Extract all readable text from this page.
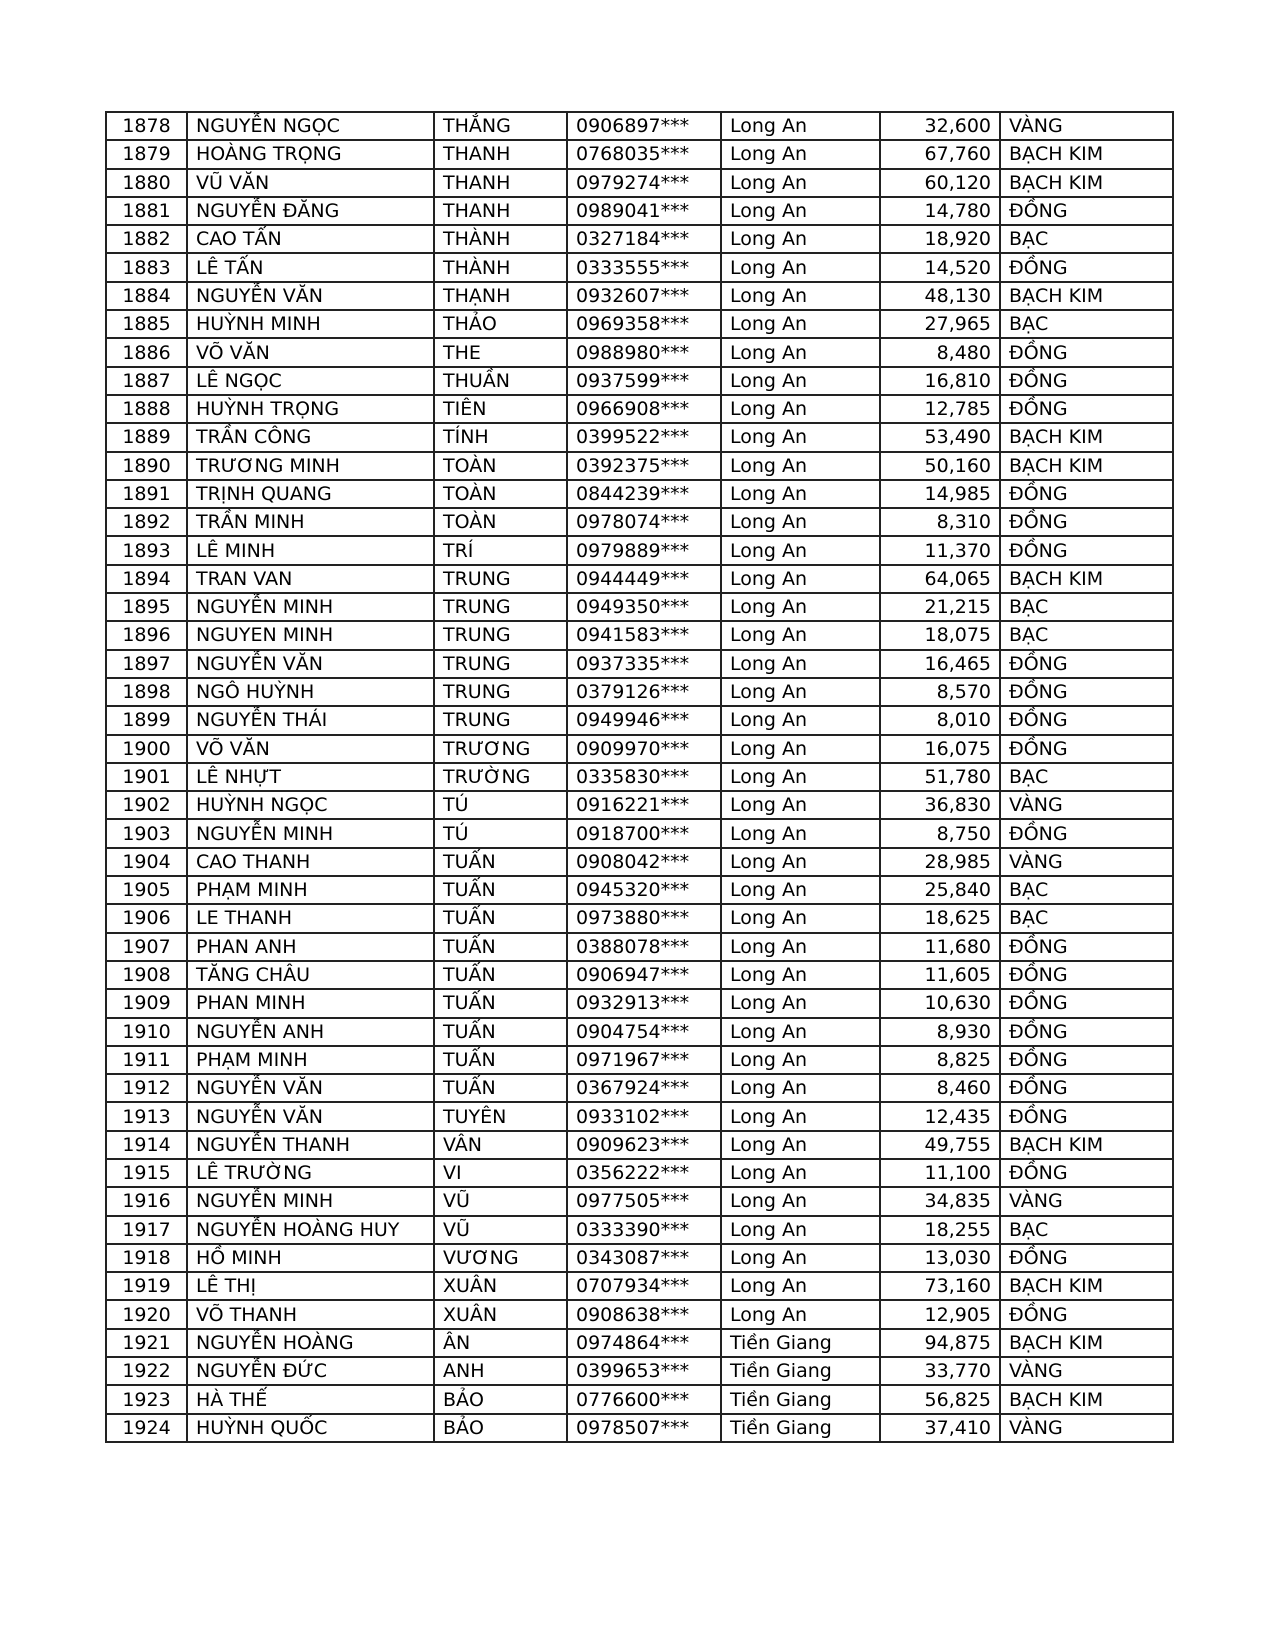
1878	NGUYỄN NGỌC	THẮNG	0906897***	Long An	32,600	VÀNG
1879	HOÀNG TRỌNG	THANH	0768035***	Long An	67,760	BẠCH KIM
1880	VŨ VĂN	THANH	0979274***	Long An	60,120	BẠCH KIM
1881	NGUYỄN ĐĂNG	THANH	0989041***	Long An	14,780	ĐỒNG
1882	CAO TẤN	THÀNH	0327184***	Long An	18,920	BẠC
1883	LÊ TẤN	THÀNH	0333555***	Long An	14,520	ĐỒNG
1884	NGUYỄN VĂN	THẠNH	0932607***	Long An	48,130	BẠCH KIM
1885	HUỲNH MINH	THẢO	0969358***	Long An	27,965	BẠC
1886	VÕ VĂN	THE	0988980***	Long An	8,480	ĐỒNG
1887	LÊ NGỌC	THUẦN	0937599***	Long An	16,810	ĐỒNG
1888	HUỲNH TRỌNG	TIÊN	0966908***	Long An	12,785	ĐỒNG
1889	TRẦN CÔNG	TÍNH	0399522***	Long An	53,490	BẠCH KIM
1890	TRƯƠNG MINH	TOÀN	0392375***	Long An	50,160	BẠCH KIM
1891	TRỊNH QUANG	TOÀN	0844239***	Long An	14,985	ĐỒNG
1892	TRẦN MINH	TOÀN	0978074***	Long An	8,310	ĐỒNG
1893	LÊ MINH	TRÍ	0979889***	Long An	11,370	ĐỒNG
1894	TRAN VAN	TRUNG	0944449***	Long An	64,065	BẠCH KIM
1895	NGUYỄN MINH	TRUNG	0949350***	Long An	21,215	BẠC
1896	NGUYEN MINH	TRUNG	0941583***	Long An	18,075	BẠC
1897	NGUYỄN VĂN	TRUNG	0937335***	Long An	16,465	ĐỒNG
1898	NGÔ HUỲNH	TRUNG	0379126***	Long An	8,570	ĐỒNG
1899	NGUYỄN THÁI	TRUNG	0949946***	Long An	8,010	ĐỒNG
1900	VÕ VĂN	TRƯƠNG	0909970***	Long An	16,075	ĐỒNG
1901	LÊ NHỰT	TRƯỜNG	0335830***	Long An	51,780	BẠC
1902	HUỲNH NGỌC	TÚ	0916221***	Long An	36,830	VÀNG
1903	NGUYỄN MINH	TÚ	0918700***	Long An	8,750	ĐỒNG
1904	CAO THANH	TUẤN	0908042***	Long An	28,985	VÀNG
1905	PHẠM MINH	TUẤN	0945320***	Long An	25,840	BẠC
1906	LE THANH	TUẤN	0973880***	Long An	18,625	BẠC
1907	PHAN ANH	TUẤN	0388078***	Long An	11,680	ĐỒNG
1908	TĂNG CHÂU	TUẤN	0906947***	Long An	11,605	ĐỒNG
1909	PHAN MINH	TUẤN	0932913***	Long An	10,630	ĐỒNG
1910	NGUYỄN ANH	TUẤN	0904754***	Long An	8,930	ĐỒNG
1911	PHẠM MINH	TUẤN	0971967***	Long An	8,825	ĐỒNG
1912	NGUYỄN VĂN	TUẤN	0367924***	Long An	8,460	ĐỒNG
1913	NGUYỄN VĂN	TUYÊN	0933102***	Long An	12,435	ĐỒNG
1914	NGUYỄN THANH	VÂN	0909623***	Long An	49,755	BẠCH KIM
1915	LÊ TRƯỜNG	VI	0356222***	Long An	11,100	ĐỒNG
1916	NGUYỄN MINH	VŨ	0977505***	Long An	34,835	VÀNG
1917	NGUYỄN HOÀNG HUY	VŨ	0333390***	Long An	18,255	BẠC
1918	HỒ MINH	VƯƠNG	0343087***	Long An	13,030	ĐỒNG
1919	LÊ THỊ	XUÂN	0707934***	Long An	73,160	BẠCH KIM
1920	VÕ THANH	XUÂN	0908638***	Long An	12,905	ĐỒNG
1921	NGUYỄN HOÀNG	ÂN	0974864***	Tiền Giang	94,875	BẠCH KIM
1922	NGUYỄN ĐỨC	ANH	0399653***	Tiền Giang	33,770	VÀNG
1923	HÀ THẾ	BẢO	0776600***	Tiền Giang	56,825	BẠCH KIM
1924	HUỲNH QUỐC	BẢO	0978507***	Tiền Giang	37,410	VÀNG
